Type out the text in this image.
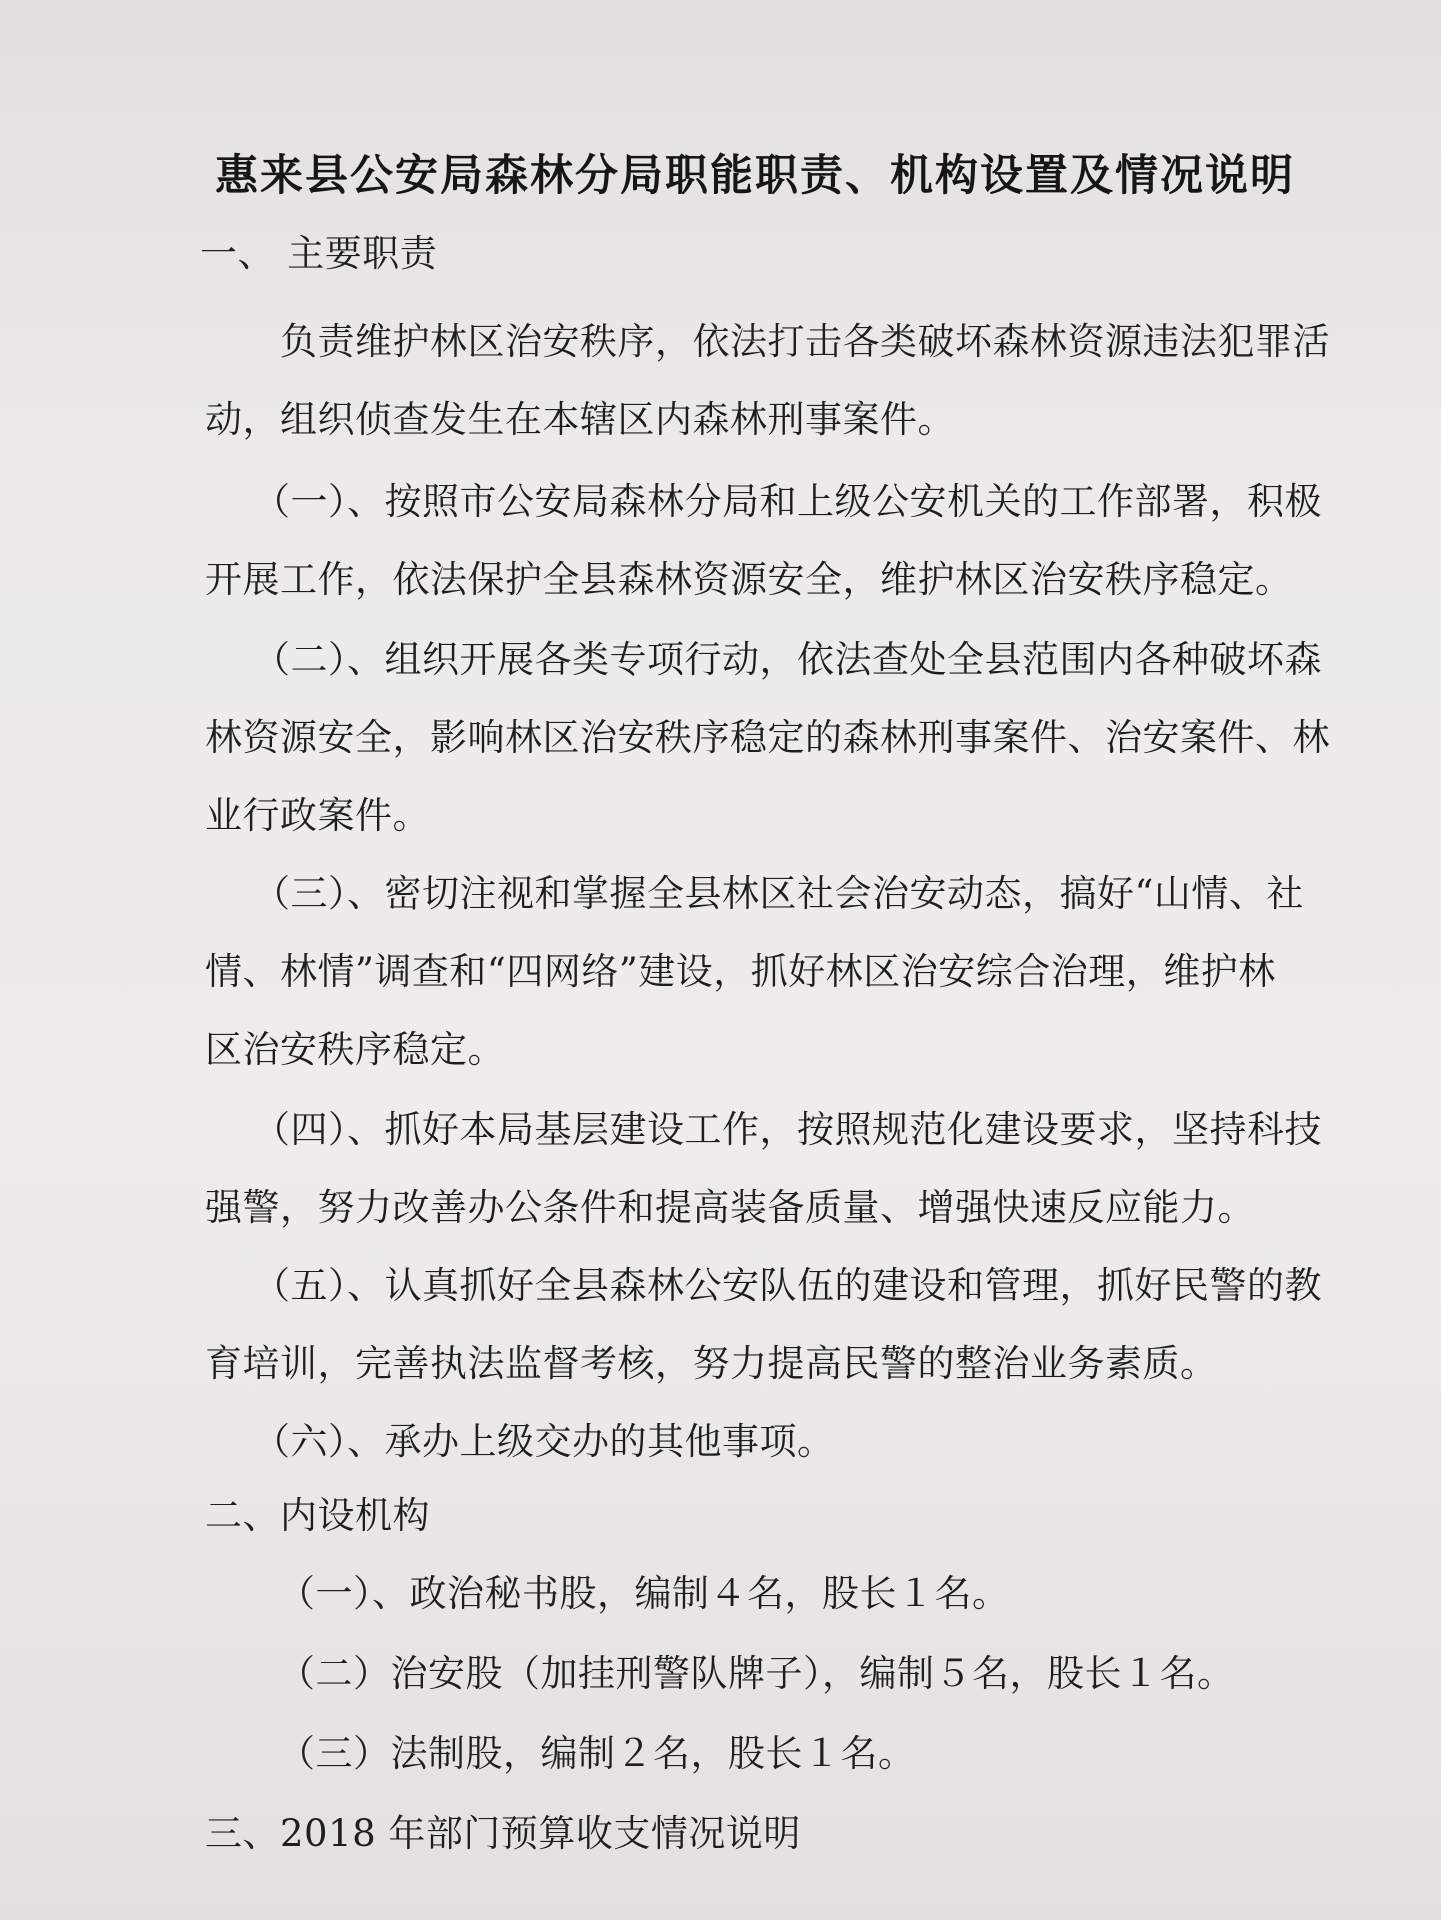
惠来县公安局森林分局职能职责、机构设置及情况说明

一、 主要职责

负责维护林区治安秩序，依法打击各类破坏森林资源违法犯罪活

动，组织侦查发生在本辖区内森林刑事案件。

（一）、按照市公安局森林分局和上级公安机关的工作部署，积极

开展工作，依法保护全县森林资源安全，维护林区治安秩序稳定。

（二）、组织开展各类专项行动，依法查处全县范围内各种破坏森

林资源安全，影响林区治安秩序稳定的森林刑事案件、治安案件、林

业行政案件。

（三）、密切注视和掌握全县林区社会治安动态，搞好“山情、社

情、林情”调查和“四网络”建设，抓好林区治安综合治理，维护林

区治安秩序稳定。

（四）、抓好本局基层建设工作，按照规范化建设要求，坚持科技

强警，努力改善办公条件和提高装备质量、增强快速反应能力。

（五）、认真抓好全县森林公安队伍的建设和管理，抓好民警的教

育培训，完善执法监督考核，努力提高民警的整治业务素质。

（六）、承办上级交办的其他事项。

二、内设机构

（一）、政治秘书股，编制４名，股长１名。

（二）治安股（加挂刑警队牌子），编制５名，股长１名。

（三）法制股，编制２名，股长１名。

三、2018 年部门预算收支情况说明
